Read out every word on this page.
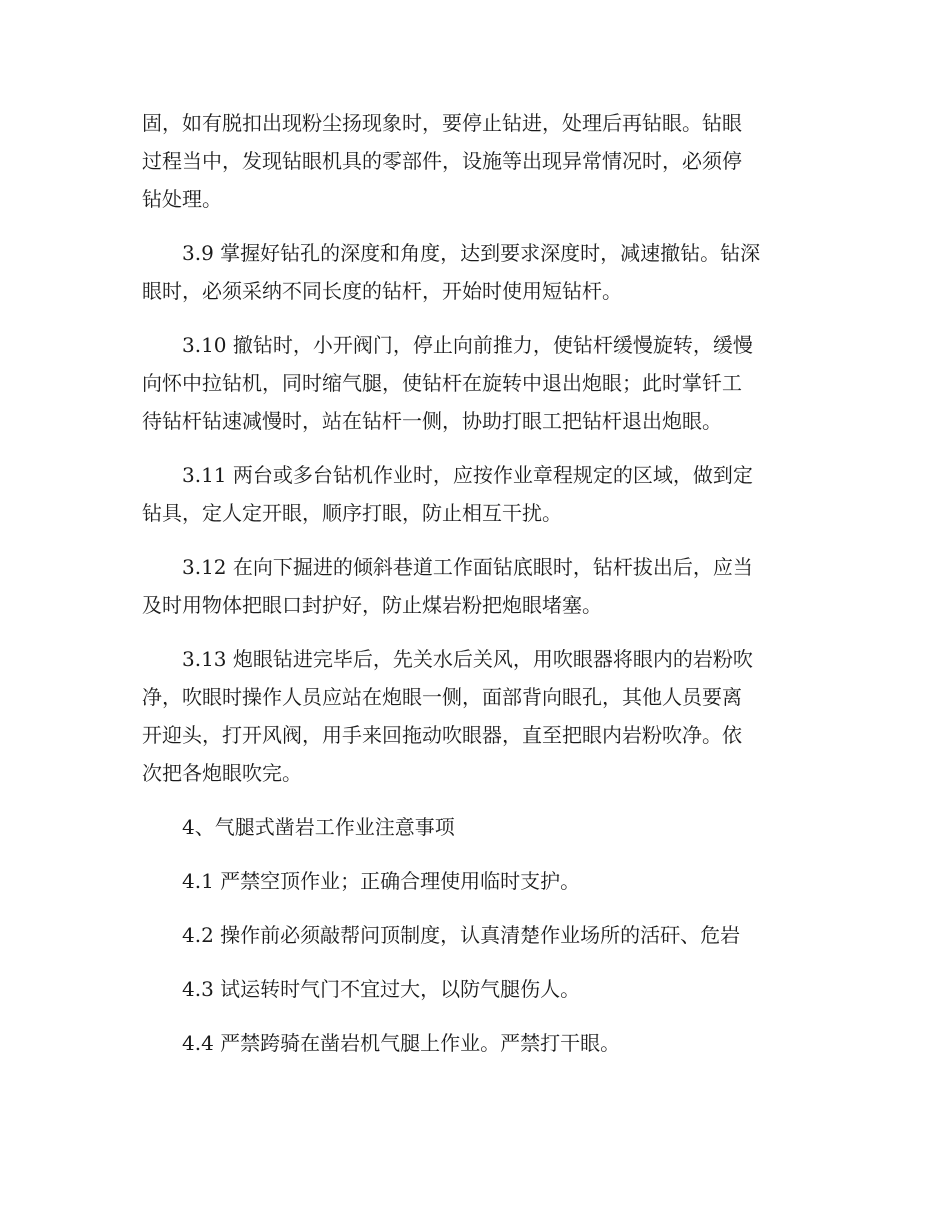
固，如有脱扣出现粉尘扬现象时，要停止钻进，处理后再钻眼。钻眼
过程当中，发现钻眼机具的零部件，设施等出现异常情况时，必须停
钻处理。
3.9 掌握好钻孔的深度和角度，达到要求深度时，减速撤钻。钻深
眼时，必须采纳不同长度的钻杆，开始时使用短钻杆。
3.10 撤钻时，小开阀门，停止向前推力，使钻杆缓慢旋转，缓慢
向怀中拉钻机，同时缩气腿，使钻杆在旋转中退出炮眼；此时掌钎工
待钻杆钻速减慢时，站在钻杆一侧，协助打眼工把钻杆退出炮眼。
3.11 两台或多台钻机作业时，应按作业章程规定的区域，做到定
钻具，定人定开眼，顺序打眼，防止相互干扰。
3.12 在向下掘进的倾斜巷道工作面钻底眼时，钻杆拔出后，应当
及时用物体把眼口封护好，防止煤岩粉把炮眼堵塞。
3.13 炮眼钻进完毕后，先关水后关风，用吹眼器将眼内的岩粉吹
净，吹眼时操作人员应站在炮眼一侧，面部背向眼孔，其他人员要离
开迎头，打开风阀，用手来回拖动吹眼器，直至把眼内岩粉吹净。依
次把各炮眼吹完。
4、气腿式凿岩工作业注意事项
4.1 严禁空顶作业；正确合理使用临时支护。
4.2 操作前必须敲帮问顶制度，认真清楚作业场所的活矸、危岩
4.3 试运转时气门不宜过大，以防气腿伤人。
4.4 严禁跨骑在凿岩机气腿上作业。严禁打干眼。
